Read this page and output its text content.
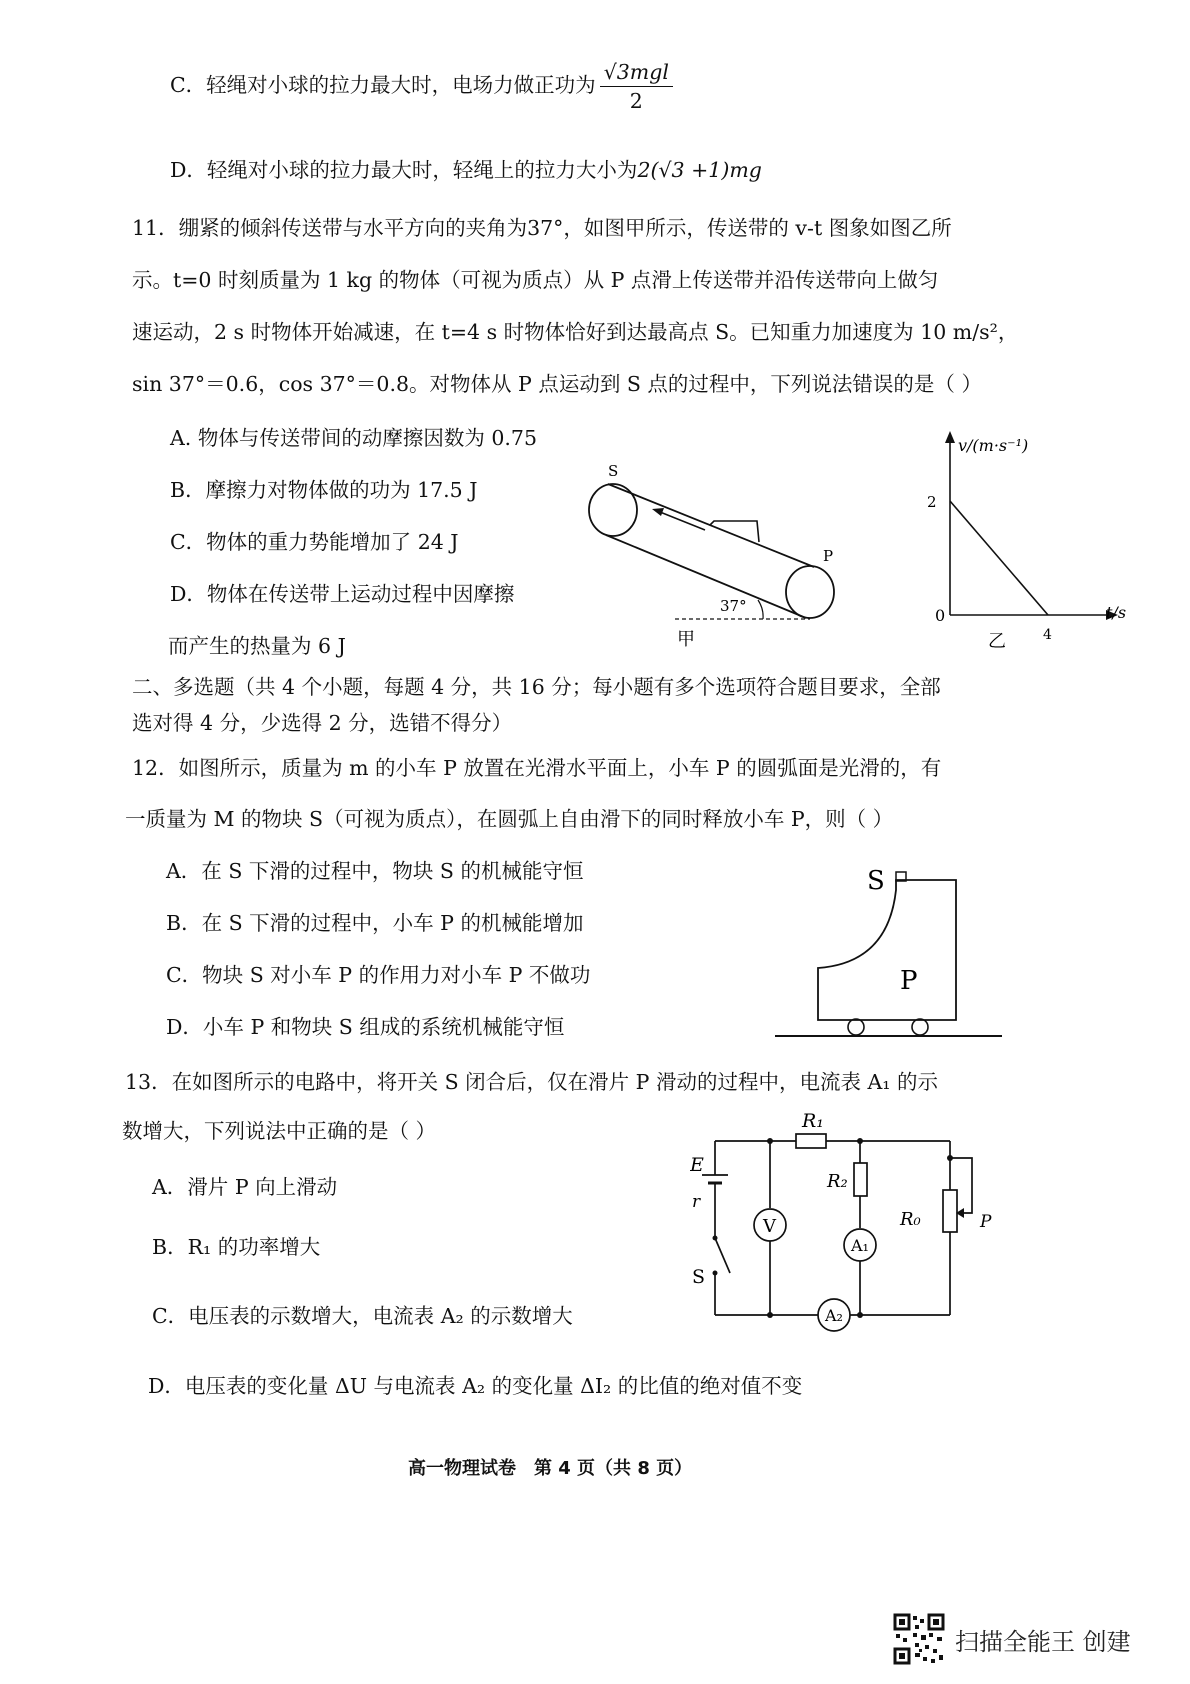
C．轻绳对小球的拉力最大时，电场力做正功为 $\frac{\text{√3mgl}}{2}$
D．轻绳对小球的拉力最大时，轻绳上的拉力大小为2(√3 +1)mg
11．绷紧的倾斜传送带与水平方向的夹角为37°，如图甲所示，传送带的 v-t 图象如图乙所
示。t=0 时刻质量为 1 kg 的物体（可视为质点）从 P 点滑上传送带并沿传送带向上做匀
速运动，2 s 时物体开始减速，在 t=4 s 时物体恰好到达最高点 S。已知重力加速度为 10 m/s²，
sin 37°＝0.6，cos 37°＝0.8。对物体从 P 点运动到 S 点的过程中，下列说法错误的是（ ）
A. 物体与传送带间的动摩擦因数为 0.75
B．摩擦力对物体做的功为 17.5 J
C．物体的重力势能增加了 24 J
D．物体在传送带上运动过程中因摩擦
而产生的热量为 6 J
S
P
37°
甲
v/(m·s⁻¹)
t/s
0
2
4
乙
二、多选题（共 4 个小题，每题 4 分，共 16 分；每小题有多个选项符合题目要求，全部
选对得 4 分，少选得 2 分，选错不得分）
12．如图所示，质量为 m 的小车 P 放置在光滑水平面上，小车 P 的圆弧面是光滑的，有
一质量为 M 的物块 S（可视为质点），在圆弧上自由滑下的同时释放小车 P，则（ ）
A．在 S 下滑的过程中，物块 S 的机械能守恒
B．在 S 下滑的过程中，小车 P 的机械能增加
C．物块 S 对小车 P 的作用力对小车 P 不做功
D．小车 P 和物块 S 组成的系统机械能守恒
S
P
13．在如图所示的电路中，将开关 S 闭合后，仅在滑片 P 滑动的过程中，电流表 A₁ 的示
数增大，下列说法中正确的是（ ）
A．滑片 P 向上滑动
B．R₁ 的功率增大
C．电压表的示数增大，电流表 A₂ 的示数增大
D．电压表的变化量 ΔU 与电流表 A₂ 的变化量 ΔI₂ 的比值的绝对值不变
R₁
E
r
S
V
R₂
R₀	P
A₁
A₂
高一物理试卷　第 4 页（共 8 页）
扫描全能王 创建
